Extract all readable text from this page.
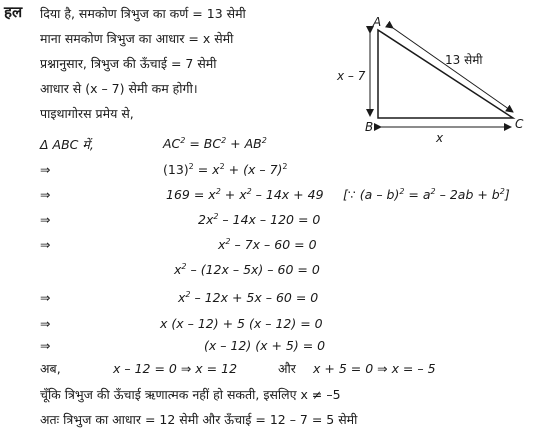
हल दिया है, समकोण त्रिभुज का कर्ण = 13 सेमी
माना समकोण त्रिभुज का आधार = x सेमी
प्रश्नानुसार, त्रिभुज की ऊँचाई = 7 सेमी
आधार से (x – 7) सेमी कम होगी।
पाइथागोरस प्रमेय से,
A
B	C
x – 7
x
13 सेमी
Δ ABC में,	$AC^2 = BC^2 + AB^2$
⇒	$(13)^2 = x^2 + (x - 7)^2$
⇒	$169 = x^2 + x^2 - 14x + 49$ [∵ $(a - b)^2 = a^2 - 2ab + b^2$]
⇒	$2x^2 - 14x - 120 = 0$
⇒	$x^2 - 7x - 60 = 0$
$x^2 - (12x - 5x) - 60 = 0$
⇒	$x^2 - 12x + 5x - 60 = 0$
⇒	x (x – 12) + 5 (x – 12) = 0
⇒	(x – 12) (x + 5) = 0
अब,	x – 12 = 0 ⇒ x = 12	और x + 5 = 0 ⇒ x = – 5
चूँकि त्रिभुज की ऊँचाई ऋणात्मक नहीं हो सकती, इसलिए x ≠ –5
अतः त्रिभुज का आधार = 12 सेमी और ऊँचाई = 12 – 7 = 5 सेमी
